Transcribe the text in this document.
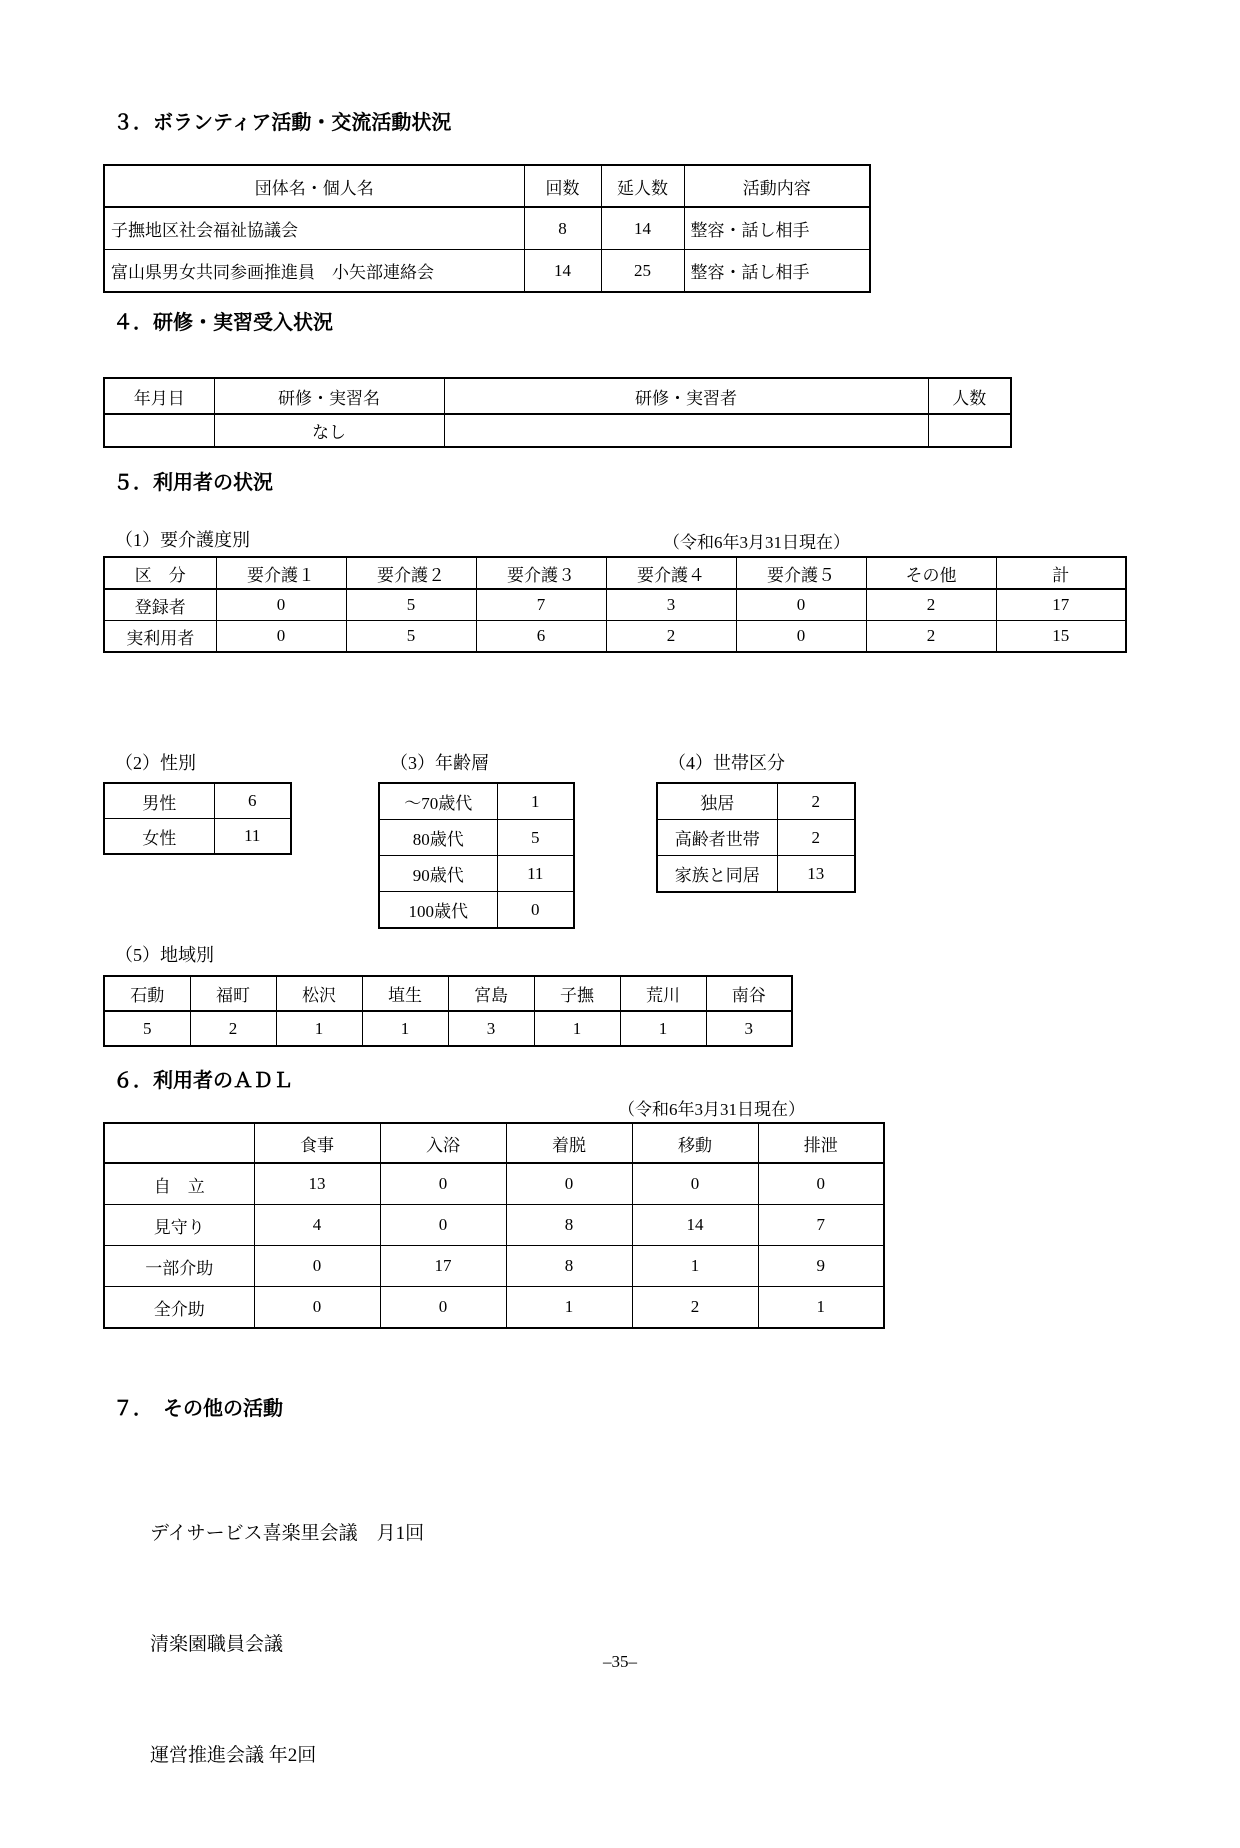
３．ボランティア活動・交流活動状況
団体名・個人名	回数	延人数	活動内容
子撫地区社会福祉協議会	8	14	整容・話し相手
富山県男女共同参画推進員　小矢部連絡会	14	25	整容・話し相手
４．研修・実習受入状況
年月日	研修・実習名	研修・実習者	人数
	なし		
５．利用者の状況

（1）要介護度別	（令和6年3月31日現在）

区　分	要介護１	要介護２	要介護３	要介護４	要介護５	その他	計
登録者	0	5	7	3	0	2	17
実利用者	0	5	6	2	0	2	15

（2）性別

男性	6
女性	11

（3）年齢層

～70歳代	1
80歳代	5
90歳代	11
100歳代	0

（4）世帯区分

独居	2
高齢者世帯	2
家族と同居	13

（5）地域別

石動	福町	松沢	埴生	宮島	子撫	荒川	南谷
5	2	1	1	3	1	1	3
６．利用者のＡＤＬ

（令和6年3月31日現在）

	食事	入浴	着脱	移動	排泄
自　立	13	0	0	0	0
見守り	4	0	8	14	7
一部介助	0	17	8	1	9
全介助	0	0	1	2	1
７．　その他の活動

デイサービス喜楽里会議　月1回

清楽園職員会議

運営推進会議 年2回

–35–
